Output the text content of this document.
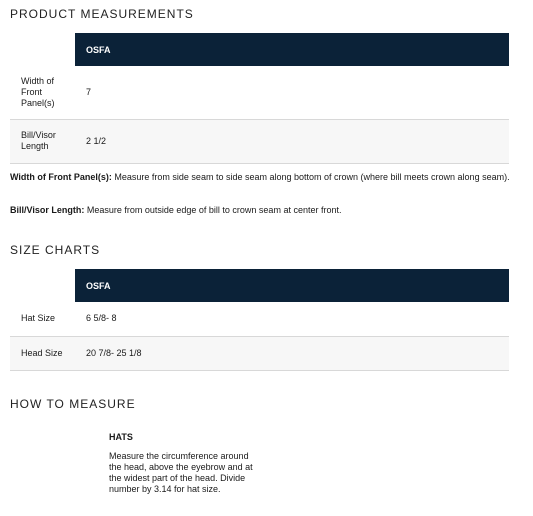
PRODUCT MEASUREMENTS
	OSFA

Width of Front Panel(s)	7

Bill/Visor Length	2 1/2

Width of Front Panel(s): Measure from side seam to side seam along bottom of crown (where bill meets crown along seam).

Bill/Visor Length: Measure from outside edge of bill to crown seam at center front.

SIZE CHARTS
	OSFA
Hat Size	6 5/8- 8
Head Size	20 7/8- 25 1/8
HOW TO MEASURE

HATS

Measure the circumference around the head, above the eyebrow and at the widest part of the head. Divide number by 3.14 for hat size.
